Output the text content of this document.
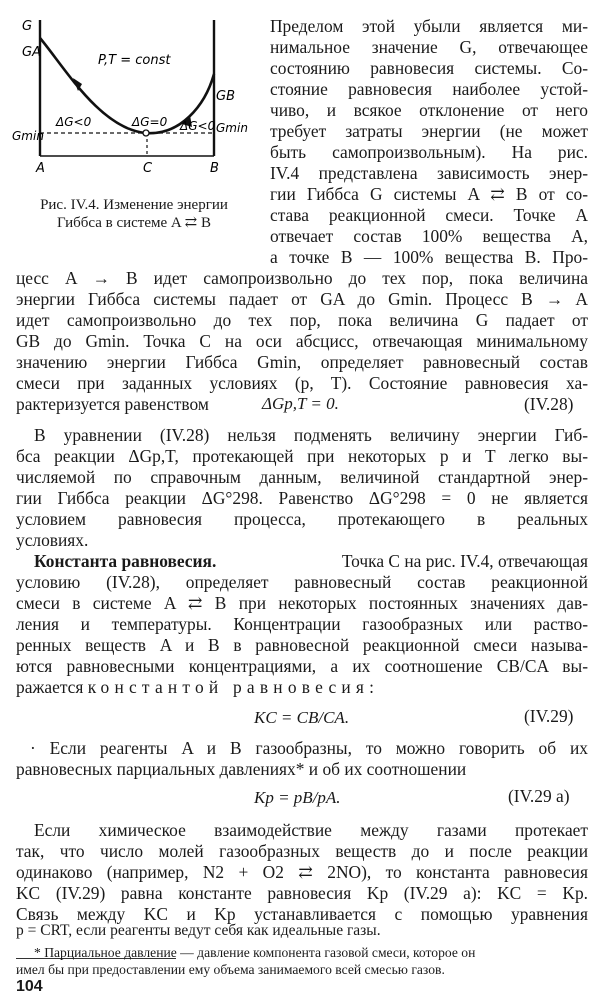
G
GA
GB
Gmin
Gmin
A	C	B
P,T = const
ΔG<0	ΔG=0 ΔG<0
Рис. IV.4. Изменение энергии
Гиббса в системе A ⇄ B
Пределом этой убыли является ми-
нимальное значение G, отвечающее
состоянию равновесия системы. Со-
стояние равновесия наиболее устой-
чиво, и всякое отклонение от него
требует затраты энергии (не может
быть самопроизвольным). На рис.
IV.4 представлена зависимость энер-
гии Гиббса G системы A ⇄ B от со-
става реакционной смеси. Точке A
отвечает состав 100% вещества A,
а точке B — 100% вещества B. Про-
цесс A → B идет самопроизвольно до тех пор, пока величина
энергии Гиббса системы падает от GA до Gmin. Процесс B → A
идет самопроизвольно до тех пор, пока величина G падает от
GB до Gmin. Точка C на оси абсцисс, отвечающая минимальному
значению энергии Гиббса Gmin, определяет равновесный состав
смеси при заданных условиях (p, T). Состояние равновесия ха-
рактеризуется равенством	ΔGp,T = 0.	(IV.28)
В уравнении (IV.28) нельзя подменять величину энергии Гиб-
бса реакции ΔGp,T, протекающей при некоторых p и T легко вы-
числяемой по справочным данным, величиной стандартной энер-
гии Гиббса реакции ΔG°298. Равенство ΔG°298 = 0 не является
условием равновесия процесса, протекающего в реальных
условиях.
Константа равновесия.	Точка C на рис. IV.4, отвечающая
условию (IV.28), определяет равновесный состав реакционной
смеси в системе A ⇄ B при некоторых постоянных значениях дав-
ления и температуры. Концентрации газообразных или раство-
ренных веществ A и B в равновесной реакционной смеси называ-
ются равновесными концентрациями, а их соотношение CB/CA вы-
ражается константой равновесия:
KC = CB/CA.	(IV.29)
· Если реагенты A и B газообразны, то можно говорить об их
равновесных парциальных давлениях* и об их соотношении
Kp = pB/pA.	(IV.29 a)
Если химическое взаимодействие между газами протекает
так, что число молей газообразных веществ до и после реакции
одинаково (например, N2 + O2 ⇄ 2NO), то константа равновесия
KC (IV.29) равна константе равновесия Kp (IV.29 a): KC = Kp.
Связь между KC и Kp устанавливается с помощью уравнения
* Парциальное давление — давление компонента газовой смеси, которое он
имел бы при предоставлении ему объема занимаемого всей смесью газов.
104
p = CRT, если реагенты ведут себя как идеальные газы.
